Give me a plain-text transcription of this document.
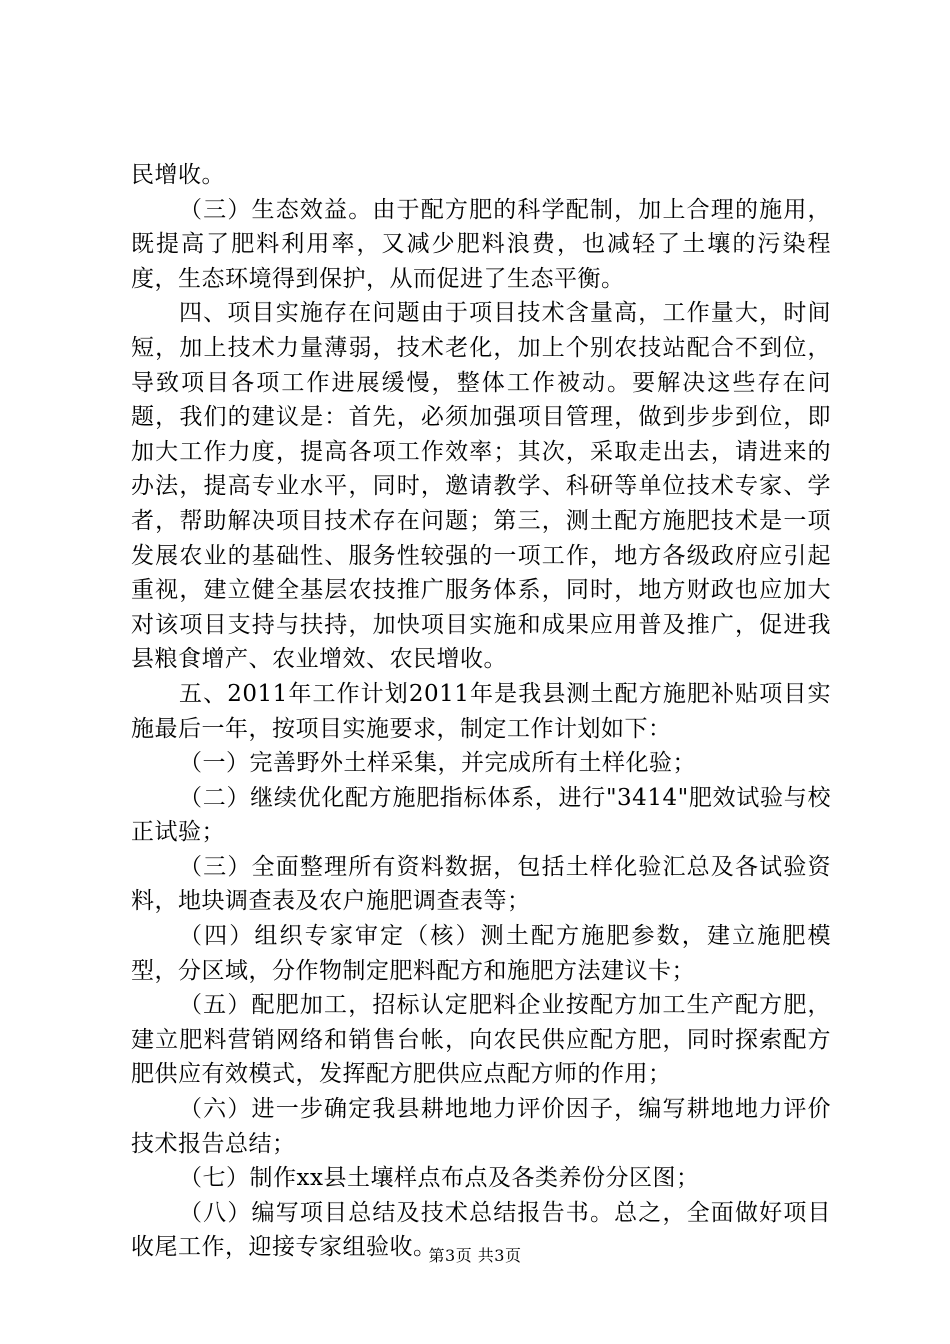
民增收。

（三）生态效益。由于配方肥的科学配制，加上合理的施用，既提高了肥料利用率，又减少肥料浪费，也减轻了土壤的污染程度，生态环境得到保护，从而促进了生态平衡。

四、项目实施存在问题由于项目技术含量高，工作量大，时间短，加上技术力量薄弱，技术老化，加上个别农技站配合不到位，导致项目各项工作进展缓慢，整体工作被动。要解决这些存在问题，我们的建议是：首先，必须加强项目管理，做到步步到位，即加大工作力度，提高各项工作效率；其次，采取走出去，请进来的办法，提高专业水平，同时，邀请教学、科研等单位技术专家、学者，帮助解决项目技术存在问题；第三，测土配方施肥技术是一项发展农业的基础性、服务性较强的一项工作，地方各级政府应引起重视，建立健全基层农技推广服务体系，同时，地方财政也应加大对该项目支持与扶持，加快项目实施和成果应用普及推广，促进我县粮食增产、农业增效、农民增收。

五、2011年工作计划2011年是我县测土配方施肥补贴项目实施最后一年，按项目实施要求，制定工作计划如下：

（一）完善野外土样采集，并完成所有土样化验；

（二）继续优化配方施肥指标体系，进行"3414"肥效试验与校正试验；

（三）全面整理所有资料数据，包括土样化验汇总及各试验资料，地块调查表及农户施肥调查表等；

（四）组织专家审定（核）测土配方施肥参数，建立施肥模型，分区域，分作物制定肥料配方和施肥方法建议卡；

（五）配肥加工，招标认定肥料企业按配方加工生产配方肥，建立肥料营销网络和销售台帐，向农民供应配方肥，同时探索配方肥供应有效模式，发挥配方肥供应点配方师的作用；

（六）进一步确定我县耕地地力评价因子，编写耕地地力评价技术报告总结；

（七）制作xx县土壤样点布点及各类养份分区图；

（八）编写项目总结及技术总结报告书。总之，全面做好项目收尾工作，迎接专家组验收。

第3页 共3页
